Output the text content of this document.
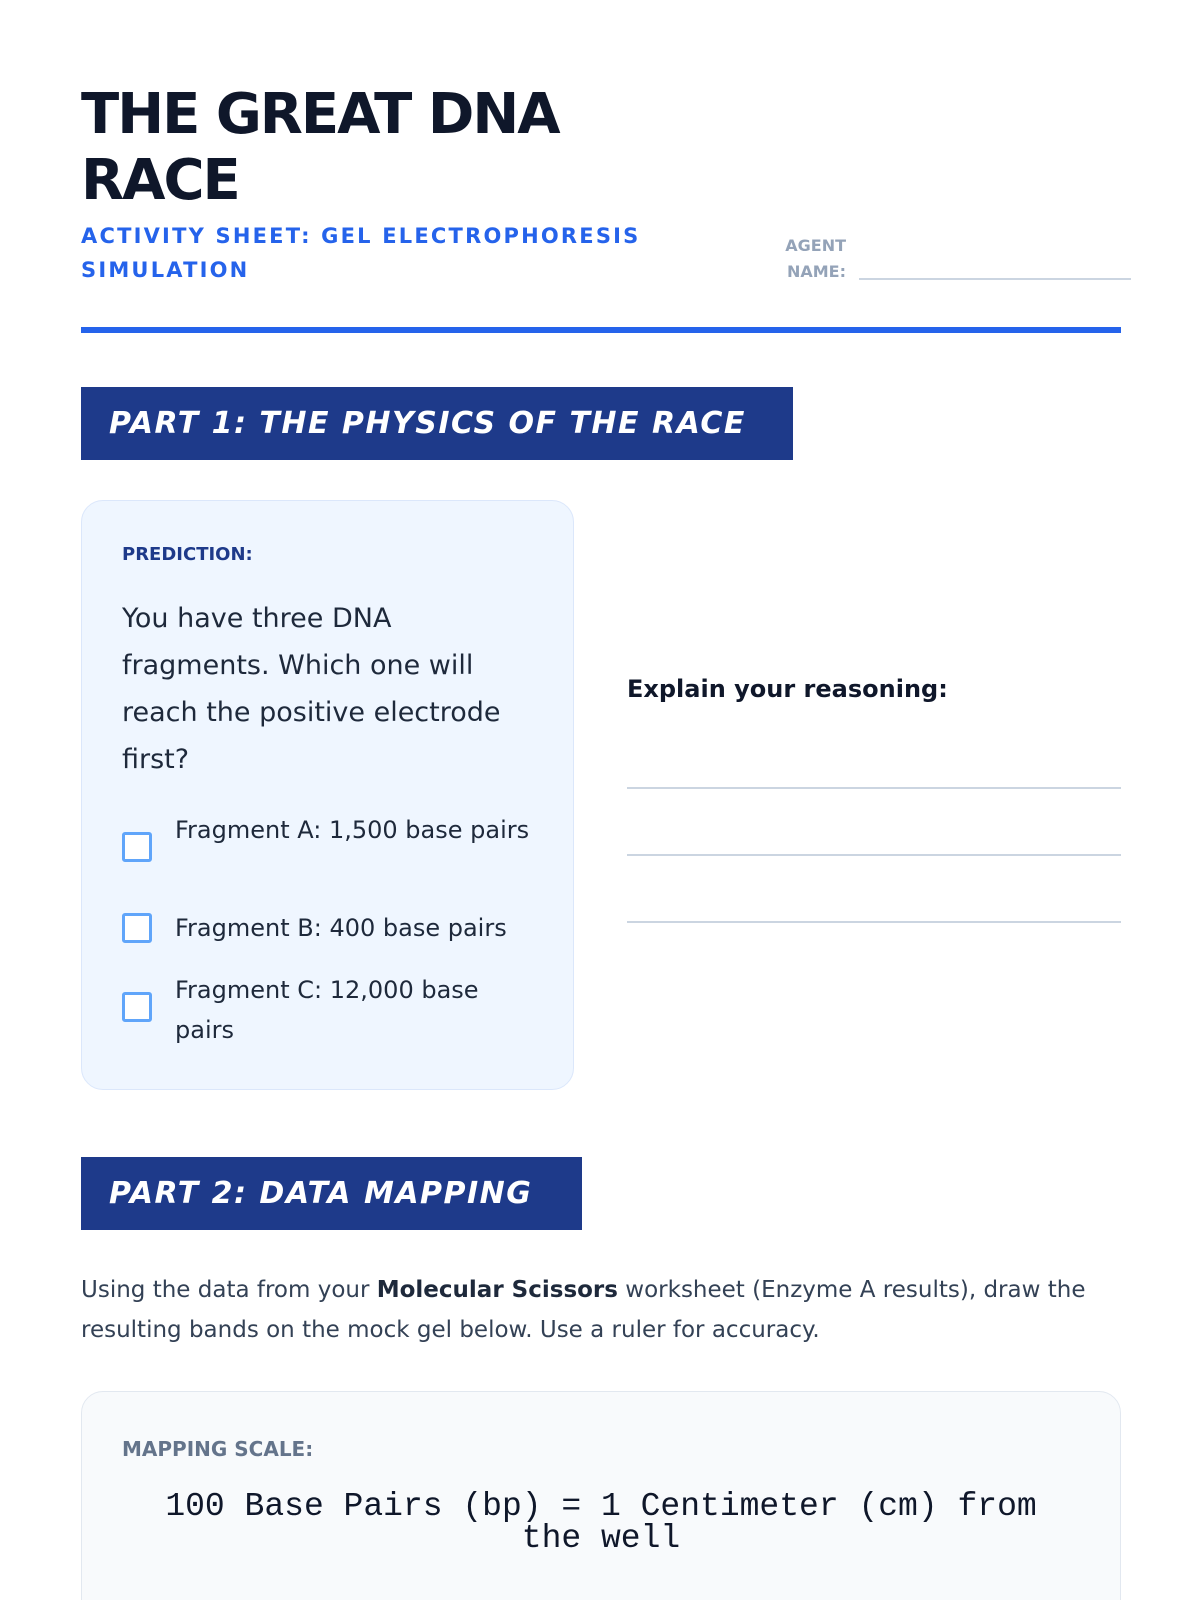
THE GREAT DNA RACE
ACTIVITY SHEET: GEL ELECTROPHORESIS SIMULATION
AGENT NAME:
PART 1: THE PHYSICS OF THE RACE
PREDICTION:
You have three DNA fragments. Which one will reach the positive electrode first?
Fragment A: 1,500 base pairs
Fragment B: 400 base pairs
Fragment C: 12,000 base pairs
Explain your reasoning:
PART 2: DATA MAPPING
Using the data from your Molecular Scissors worksheet (Enzyme A results), draw the resulting bands on the mock gel below. Use a ruler for accuracy.
MAPPING SCALE:
100 Base Pairs (bp) = 1 Centimeter (cm) from the well
